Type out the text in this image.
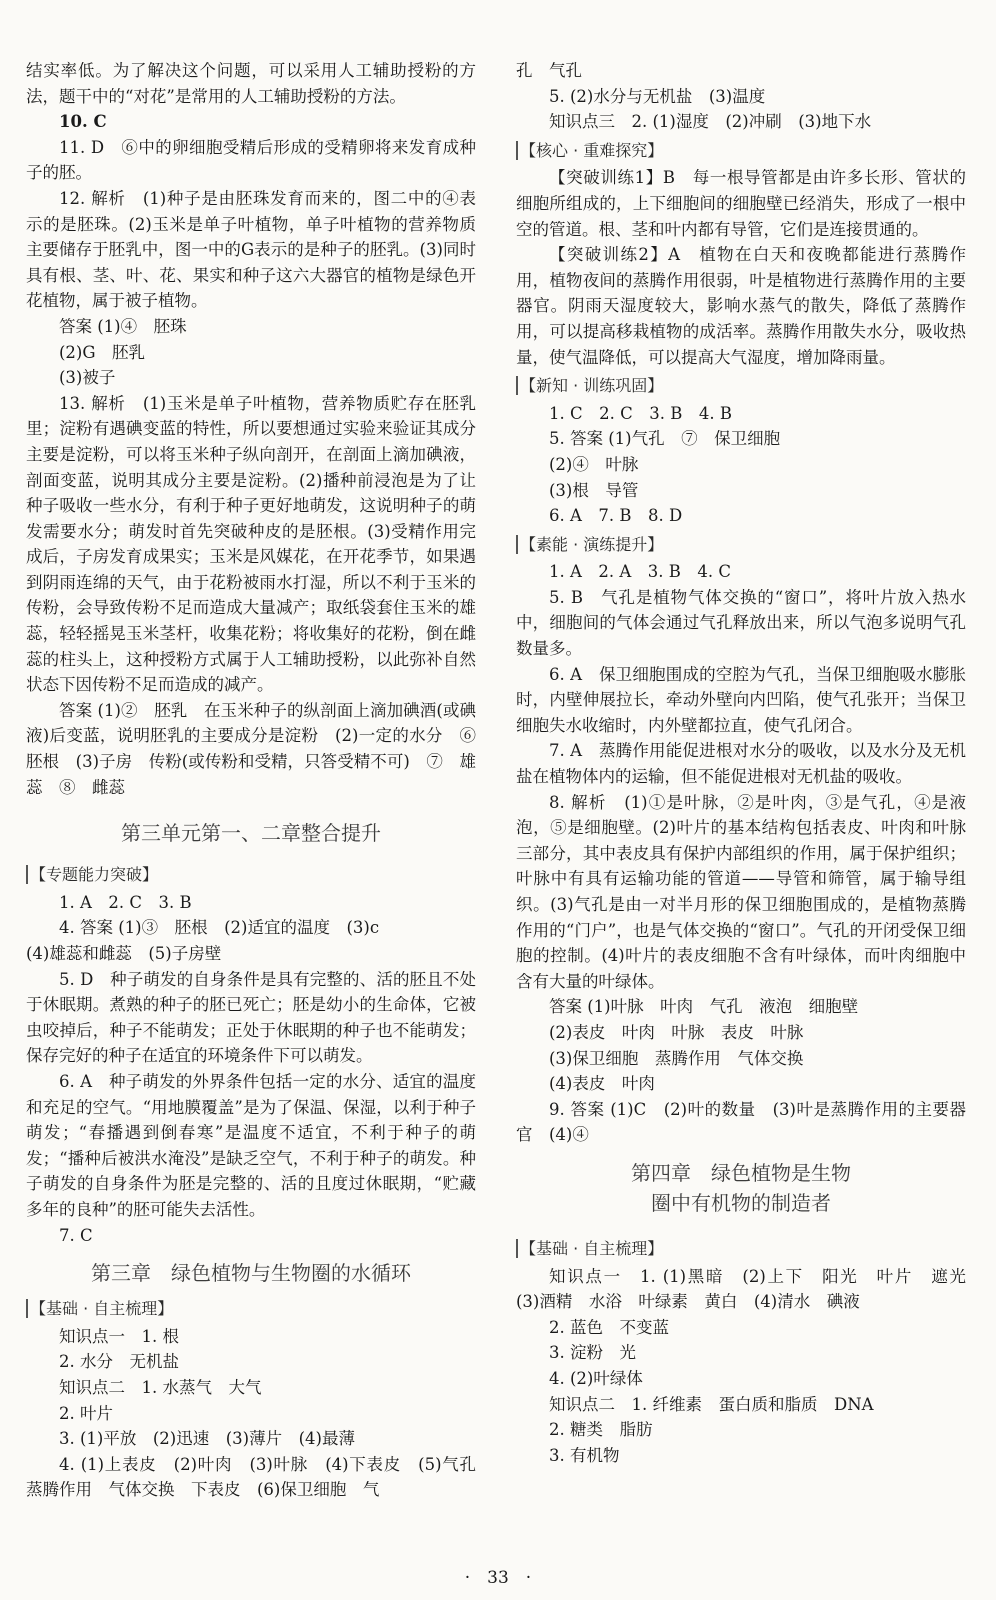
结实率低。为了解决这个问题，可以采用人工辅助授粉的方法，题干中的“对花”是常用的人工辅助授粉的方法。

10. C

11. D　⑥中的卵细胞受精后形成的受精卵将来发育成种子的胚。

12. 解析　(1)种子是由胚珠发育而来的，图二中的④表示的是胚珠。(2)玉米是单子叶植物，单子叶植物的营养物质主要储存于胚乳中，图一中的G表示的是种子的胚乳。(3)同时具有根、茎、叶、花、果实和种子这六大器官的植物是绿色开花植物，属于被子植物。

答案 (1)④　胚珠

(2)G　胚乳

(3)被子

13. 解析　(1)玉米是单子叶植物，营养物质贮存在胚乳里；淀粉有遇碘变蓝的特性，所以要想通过实验来验证其成分主要是淀粉，可以将玉米种子纵向剖开，在剖面上滴加碘液，剖面变蓝，说明其成分主要是淀粉。(2)播种前浸泡是为了让种子吸收一些水分，有利于种子更好地萌发，这说明种子的萌发需要水分；萌发时首先突破种皮的是胚根。(3)受精作用完成后，子房发育成果实；玉米是风媒花，在开花季节，如果遇到阴雨连绵的天气，由于花粉被雨水打湿，所以不利于玉米的传粉，会导致传粉不足而造成大量减产；取纸袋套住玉米的雄蕊，轻轻摇晃玉米茎杆，收集花粉；将收集好的花粉，倒在雌蕊的柱头上，这种授粉方式属于人工辅助授粉，以此弥补自然状态下因传粉不足而造成的减产。

答案 (1)②　胚乳　在玉米种子的纵剖面上滴加碘酒(或碘液)后变蓝，说明胚乳的主要成分是淀粉　(2)一定的水分　⑥　胚根　(3)子房　传粉(或传粉和受精，只答受精不可)　⑦　雄蕊　⑧　雌蕊

第三单元第一、二章整合提升
【专题能力突破】

1. A　2. C　3. B

4. 答案 (1)③　胚根　(2)适宜的温度　(3)c

(4)雄蕊和雌蕊　(5)子房壁

5. D　种子萌发的自身条件是具有完整的、活的胚且不处于休眠期。煮熟的种子的胚已死亡；胚是幼小的生命体，它被虫咬掉后，种子不能萌发；正处于休眠期的种子也不能萌发；保存完好的种子在适宜的环境条件下可以萌发。

6. A　种子萌发的外界条件包括一定的水分、适宜的温度和充足的空气。“用地膜覆盖”是为了保温、保湿，以利于种子萌发；“春播遇到倒春寒”是温度不适宜，不利于种子的萌发；“播种后被洪水淹没”是缺乏空气，不利于种子的萌发。种子萌发的自身条件为胚是完整的、活的且度过休眠期，“贮藏多年的良种”的胚可能失去活性。

7. C

第三章　绿色植物与生物圈的水循环
【基础 · 自主梳理】

知识点一　1. 根

2. 水分　无机盐

知识点二　1. 水蒸气　大气

2. 叶片

3. (1)平放　(2)迅速　(3)薄片　(4)最薄

4. (1)上表皮　(2)叶肉　(3)叶脉　(4)下表皮　(5)气孔　蒸腾作用　气体交换　下表皮　(6)保卫细胞　气

孔　气孔

5. (2)水分与无机盐　(3)温度

知识点三　2. (1)湿度　(2)冲刷　(3)地下水

【核心 · 重难探究】

【突破训练1】B　每一根导管都是由许多长形、管状的细胞所组成的，上下细胞间的细胞壁已经消失，形成了一根中空的管道。根、茎和叶内都有导管，它们是连接贯通的。

【突破训练2】A　植物在白天和夜晚都能进行蒸腾作用，植物夜间的蒸腾作用很弱，叶是植物进行蒸腾作用的主要器官。阴雨天湿度较大，影响水蒸气的散失，降低了蒸腾作用，可以提高移栽植物的成活率。蒸腾作用散失水分，吸收热量，使气温降低，可以提高大气湿度，增加降雨量。

【新知 · 训练巩固】

1. C　2. C　3. B　4. B

5. 答案 (1)气孔　⑦　保卫细胞

(2)④　叶脉

(3)根　导管

6. A　7. B　8. D

【素能 · 演练提升】

1. A　2. A　3. B　4. C

5. B　气孔是植物气体交换的“窗口”，将叶片放入热水中，细胞间的气体会通过气孔释放出来，所以气泡多说明气孔数量多。

6. A　保卫细胞围成的空腔为气孔，当保卫细胞吸水膨胀时，内壁伸展拉长，牵动外壁向内凹陷，使气孔张开；当保卫细胞失水收缩时，内外壁都拉直，使气孔闭合。

7. A　蒸腾作用能促进根对水分的吸收，以及水分及无机盐在植物体内的运输，但不能促进根对无机盐的吸收。

8. 解析　(1)①是叶脉，②是叶肉，③是气孔，④是液泡，⑤是细胞壁。(2)叶片的基本结构包括表皮、叶肉和叶脉三部分，其中表皮具有保护内部组织的作用，属于保护组织；叶脉中有具有运输功能的管道——导管和筛管，属于输导组织。(3)气孔是由一对半月形的保卫细胞围成的，是植物蒸腾作用的“门户”，也是气体交换的“窗口”。气孔的开闭受保卫细胞的控制。(4)叶片的表皮细胞不含有叶绿体，而叶肉细胞中含有大量的叶绿体。

答案 (1)叶脉　叶肉　气孔　液泡　细胞壁

(2)表皮　叶肉　叶脉　表皮　叶脉

(3)保卫细胞　蒸腾作用　气体交换

(4)表皮　叶肉

9. 答案 (1)C　(2)叶的数量　(3)叶是蒸腾作用的主要器官　(4)④

第四章　绿色植物是生物
圈中有机物的制造者
【基础 · 自主梳理】

知识点一　1. (1)黑暗　(2)上下　阳光　叶片　遮光　(3)酒精　水浴　叶绿素　黄白　(4)清水　碘液

2. 蓝色　不变蓝

3. 淀粉　光

4. (2)叶绿体

知识点二　1. 纤维素　蛋白质和脂质　DNA

2. 糖类　脂肪

3. 有机物

·　33　·
